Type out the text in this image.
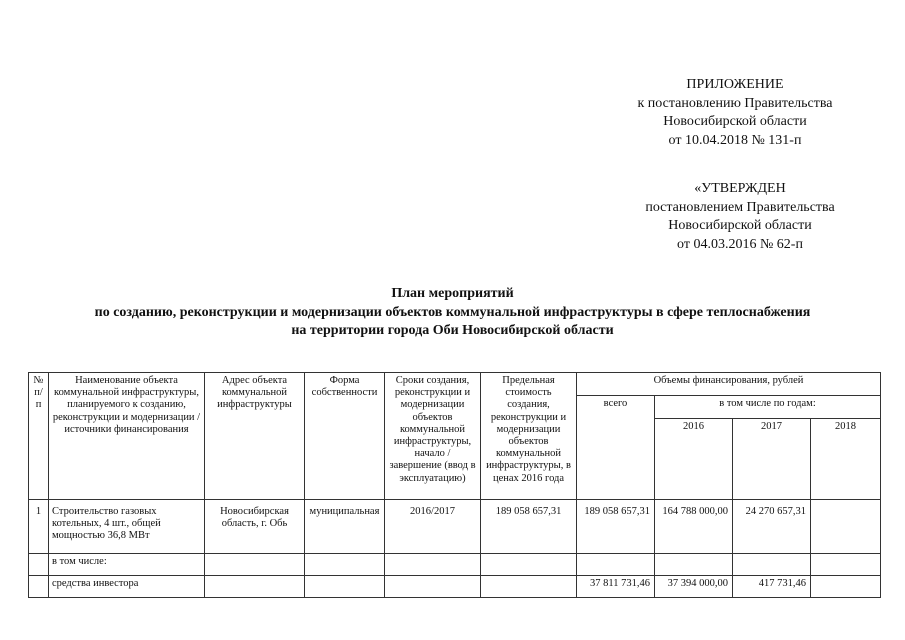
ПРИЛОЖЕНИЕ
к постановлению Правительства
Новосибирской области
от 10.04.2018 № 131-п
«УТВЕРЖДЕН
постановлением Правительства
Новосибирской области
от 04.03.2016 № 62-п
План мероприятий
по созданию, реконструкции и модернизации объектов коммунальной инфраструктуры в сфере теплоснабжения
на территории города Оби Новосибирской области
№ п/п	Наименование объекта коммунальной инфраструктуры, планируемого к созданию, реконструкции и модернизации / источники финансирования	Адрес объекта коммунальной инфраструктуры	Форма собственности	Сроки создания, реконструкции и модернизации объектов коммунальной инфраструктуры, начало / завершение (ввод в эксплуатацию)	Предельная стоимость создания, реконструкции и модернизации объектов коммунальной инфраструктуры, в ценах 2016 года	Объемы финансирования, рублей			
						всего	в том числе по годам:		
							2016	2017	2018
1	Строительство газовых котельных, 4 шт., общей мощностью 36,8 МВт	Новосибирская область, г. Обь	муниципальная	2016/2017	189 058 657,31	189 058 657,31	164 788 000,00	24 270 657,31	
	в том числе:								
	средства инвестора					37 811 731,46	37 394 000,00	417 731,46	
